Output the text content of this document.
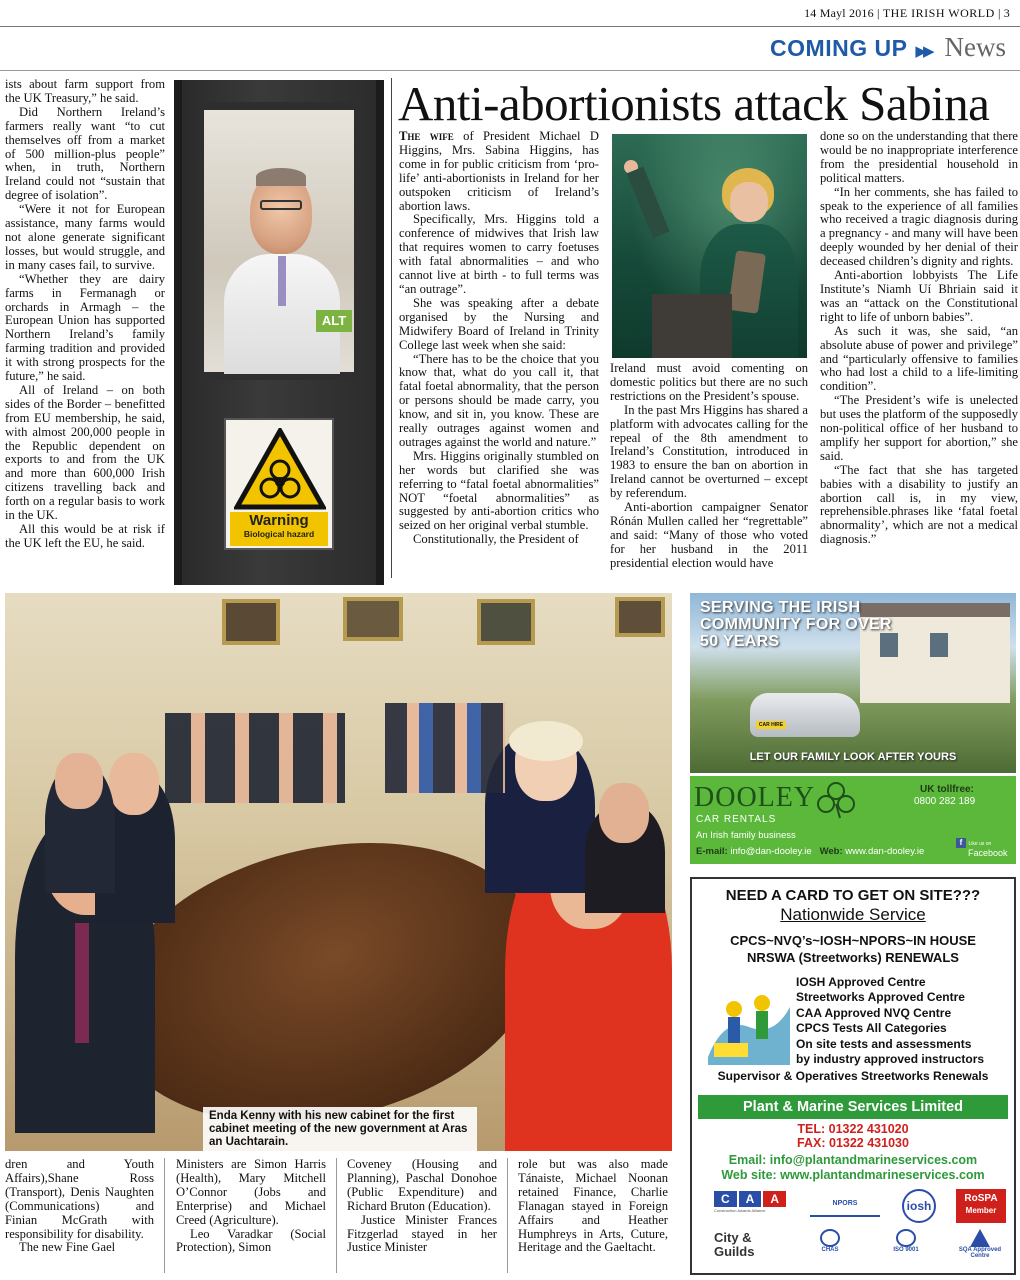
14 Mayl 2016 | THE IRISH WORLD | 3
COMING UP ▶▶ News

ists about farm support from the UK Treasury,” he said.

Did Northern Ireland’s farmers really want “to cut themselves off from a market of 500 million-plus people” when, in truth, Northern Ireland could not “sustain that degree of isolation”.

“Were it not for European assistance, many farms would not alone generate significant losses, but would struggle, and in many cases fail, to survive.

“Whether they are dairy farms in Fermanagh or orchards in Armagh – the European Union has supported Northern Ireland’s family farming tradition and provided it with strong prospects for the future,” he said.

All of Ireland – on both sides of the Border – benefitted from EU membership, he said, with almost 200,000 people in the Republic dependent on exports to and from the UK and more than 600,000 Irish citizens travelling back and forth on a regular basis to work in the UK.

All this would be at risk if the UK left the EU, he said.

ALT
Warning
Biological hazard
Anti-abortionists attack Sabina

The wife of President Michael D Higgins, Mrs. Sabina Higgins, has come in for public criticism from ‘pro-life’ anti-abortionists in Ireland for her outspoken criticism of Ireland’s abortion laws.

Specifically, Mrs. Higgins told a conference of midwives that Irish law that requires women to carry foetuses with fatal abnormalities – and who cannot live at birth - to full terms was “an outrage”.

She was speaking after a debate organised by the Nursing and Midwifery Board of Ireland in Trinity College last week when she said:

“There has to be the choice that you know that, what do you call it, that fatal foetal abnormality, that the person or persons should be made carry, you know, and sit in, you know. These are really outrages against women and outrages against the world and nature.”

Mrs. Higgins originally stumbled on her words but clarified she was referring to “fatal foetal abnormalities” NOT “foetal abnormalities” as suggested by anti-abortion critics who seized on her original verbal stumble.

Constitutionally, the President of

Ireland must avoid comenting on domestic politics but there are no such restrictions on the President’s spouse.

In the past Mrs Higgins has shared a platform with advocates calling for the repeal of the 8th amendment to Ireland’s Constitution, introduced in 1983 to ensure the ban on abortion in Ireland cannot be overturned – except by referendum.

Anti-abortion campaigner Senator Rónán Mullen called her “regrettable” and said: “Many of those who voted for her husband in the 2011 presidential election would have

done so on the understanding that there would be no inappropriate interference from the presidential household in political matters.

“In her comments, she has failed to speak to the experience of all families who received a tragic diagnosis during a pregnancy - and many will have been deeply wounded by her denial of their deceased children’s dignity and rights.

Anti-abortion lobbyists The Life Institute’s Niamh Uí Bhriain said it was an “attack on the Constitutional right to life of unborn babies”.

As such it was, she said, “an absolute abuse of power and privilege” and “particularly offensive to families who had lost a child to a life-limiting condition”.

“The President’s wife is unelected but uses the platform of the supposedly non-political office of her husband to amplify her support for abortion,” she said.

“The fact that she has targeted babies with a disability to justify an abortion call is, in my view, reprehensible.phrases like ‘fatal foetal abnormality’, which are not a medical diagnosis.”

Enda Kenny with his new cabinet for the first cabinet meeting of the new government at Aras an Uachtarain.

dren and Youth Affairs),Shane Ross (Transport), Denis Naughten (Communications) and Finian McGrath with responsibility for disability.

The new Fine Gael

Ministers are Simon Harris (Health), Mary Mitchell O’Connor (Jobs and Enterprise) and Michael Creed (Agriculture).

Leo Varadkar (Social Protection), Simon

Coveney (Housing and Planning), Paschal Donohoe (Public Expenditure) and Richard Bruton (Education).

Justice Minister Frances Fitzgerlad stayed in her Justice Minister

role but was also made Tánaiste, Michael Noonan retained Finance, Charlie Flanagan stayed in Foreign Affairs and Heather Humphreys in Arts, Cuture, Heritage and the Gaeltacht.

CAR HIRE
SERVING THE IRISH COMMUNITY FOR OVER 50 YEARS
LET OUR FAMILY LOOK AFTER YOURS
DOOLEY
CAR RENTALS
UK tollfree:
0800 282 189
An Irish family business
E-mail: info@dan-dooley.ie Web: www.dan-dooley.ie
f Like us on
Facebook
NEED A CARD TO GET ON SITE???
Nationwide Service
CPCS~NVQ’s~IOSH~NPORS~IN HOUSE
NRSWA (Streetworks) RENEWALS
IOSH Approved Centre
Streetworks Approved Centre
CAA Approved NVQ Centre
CPCS Tests All Categories
On site tests and assessments
by industry approved instructors
Supervisor & Operatives Streetworks Renewals
Plant & Marine Services Limited
TEL: 01322 431020
FAX: 01322 431030
Email: info@plantandmarineservices.com
Web site: www.plantandmarineservices.com
C	A	A
Construction Awards Alliance
NPORS	iosh
RoSPA
Member
City & Guilds	CHAS	ISO 9001	SQA Approved Centre
